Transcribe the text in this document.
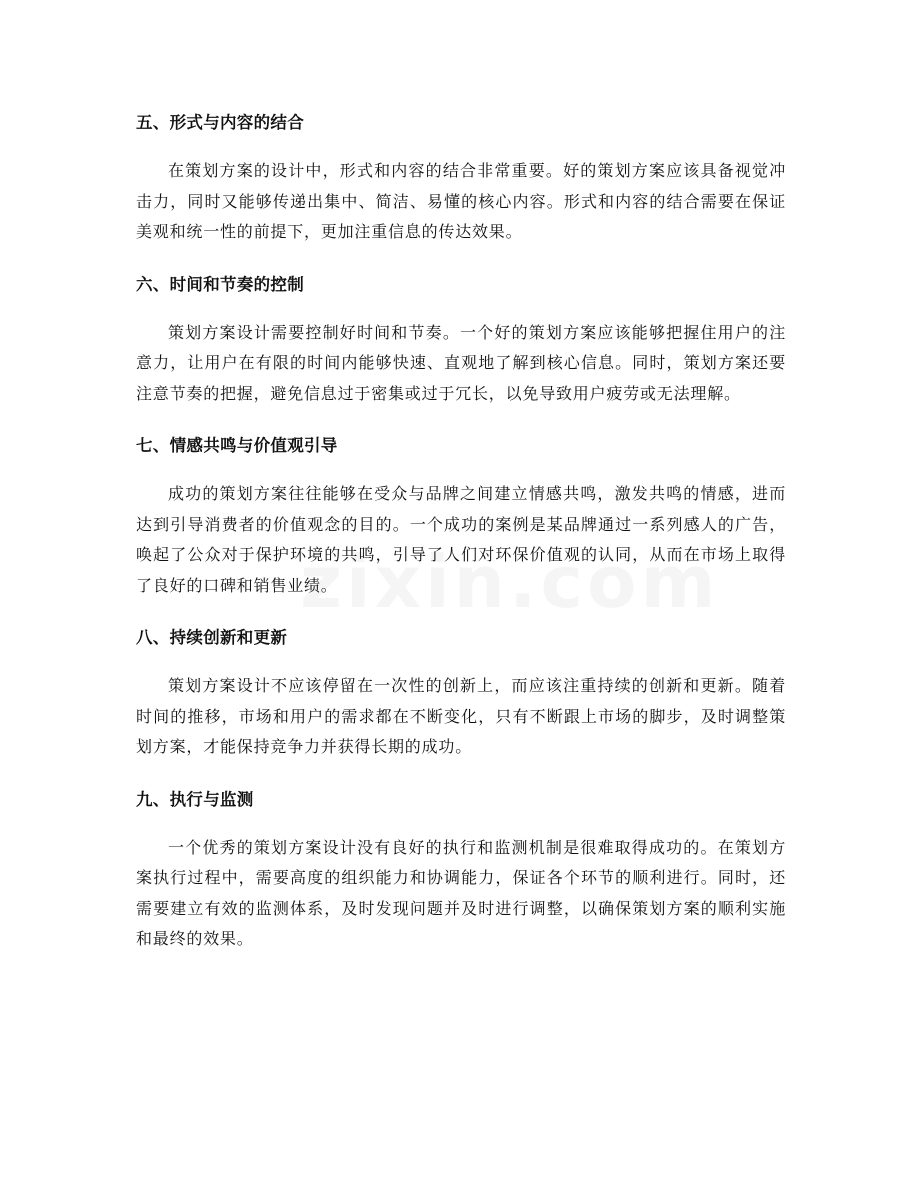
五、形式与内容的结合

在策划方案的设计中，形式和内容的结合非常重要。好的策划方案应该具备视觉冲击力，同时又能够传递出集中、简洁、易懂的核心内容。形式和内容的结合需要在保证美观和统一性的前提下，更加注重信息的传达效果。

六、时间和节奏的控制

策划方案设计需要控制好时间和节奏。一个好的策划方案应该能够把握住用户的注意力，让用户在有限的时间内能够快速、直观地了解到核心信息。同时，策划方案还要注意节奏的把握，避免信息过于密集或过于冗长，以免导致用户疲劳或无法理解。

七、情感共鸣与价值观引导

成功的策划方案往往能够在受众与品牌之间建立情感共鸣，激发共鸣的情感，进而达到引导消费者的价值观念的目的。一个成功的案例是某品牌通过一系列感人的广告，唤起了公众对于保护环境的共鸣，引导了人们对环保价值观的认同，从而在市场上取得了良好的口碑和销售业绩。

八、持续创新和更新

策划方案设计不应该停留在一次性的创新上，而应该注重持续的创新和更新。随着时间的推移，市场和用户的需求都在不断变化，只有不断跟上市场的脚步，及时调整策划方案，才能保持竞争力并获得长期的成功。

九、执行与监测

一个优秀的策划方案设计没有良好的执行和监测机制是很难取得成功的。在策划方案执行过程中，需要高度的组织能力和协调能力，保证各个环节的顺利进行。同时，还需要建立有效的监测体系，及时发现问题并及时进行调整，以确保策划方案的顺利实施和最终的效果。
